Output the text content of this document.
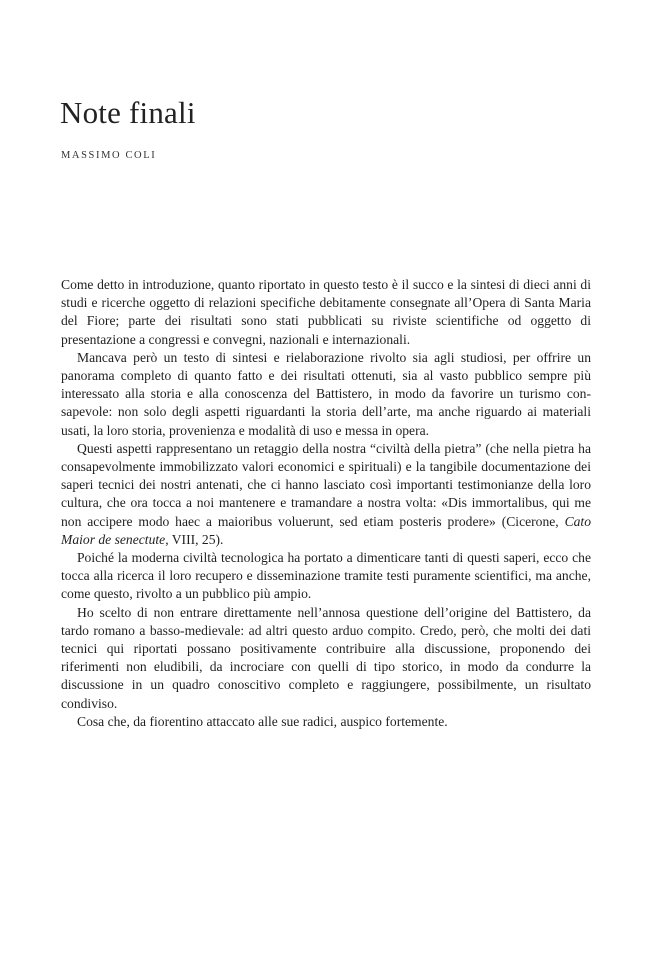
Note finali
MASSIMO COLI

Come detto in introduzione, quanto riportato in questo testo è il succo e la sintesi di dieci anni di studi e ricerche oggetto di relazioni specifiche debitamente consegnate all’Opera di Santa Maria del Fiore; parte dei risultati sono stati pubblicati su riviste scientifiche od oggetto di presentazione a congressi e convegni, nazionali e internazionali.

Mancava però un testo di sintesi e rielaborazione rivolto sia agli studiosi, per offrire un panorama completo di quanto fatto e dei risultati ottenuti, sia al vasto pubblico sempre più interessato alla storia e alla conoscenza del Battistero, in modo da favorire un turismo consapevole: non solo degli aspetti riguardanti la storia dell’arte, ma anche riguardo ai materiali usati, la loro storia, provenienza e modalità di uso e messa in opera.

Questi aspetti rappresentano un retaggio della nostra “civiltà della pietra” (che nella pietra ha consapevolmente immobilizzato valori economici e spirituali) e la tangibile documentazione dei saperi tecnici dei nostri antenati, che ci hanno lasciato così importanti testimonianze della loro cultura, che ora tocca a noi mantenere e tramandare a nostra volta: «Dis immortalibus, qui me non accipere modo haec a maioribus voluerunt, sed etiam posteris prodere» (Cicerone, Cato Maior de senectute, VIII, 25).

Poiché la moderna civiltà tecnologica ha portato a dimenticare tanti di questi saperi, ecco che tocca alla ricerca il loro recupero e disseminazione tramite testi puramente scientifici, ma anche, come questo, rivolto a un pubblico più ampio.

Ho scelto di non entrare direttamente nell’annosa questione dell’origine del Battistero, da tardo romano a basso-medievale: ad altri questo arduo compito. Credo, però, che molti dei dati tecnici qui riportati possano positivamente contribuire alla discussione, proponendo dei riferimenti non eludibili, da incrociare con quelli di tipo storico, in modo da condurre la discussione in un quadro conoscitivo completo e raggiungere, possibilmente, un risultato condiviso.

Cosa che, da fiorentino attaccato alle sue radici, auspico fortemente.
